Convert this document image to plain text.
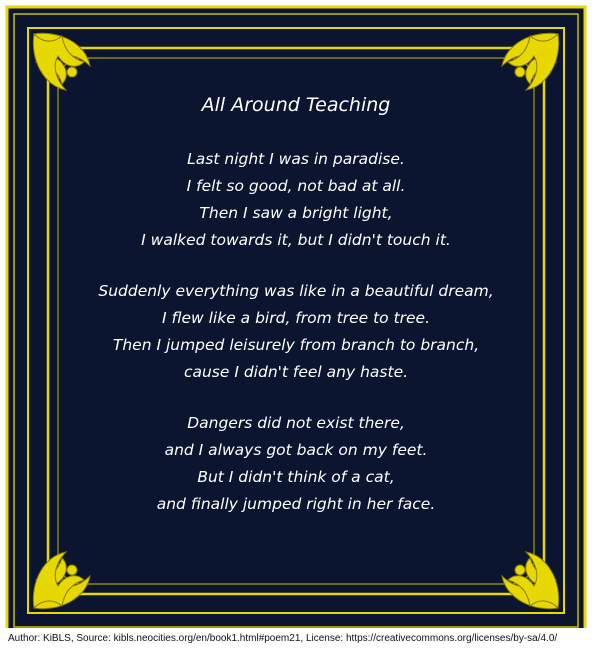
All Around Teaching
Last night I was in paradise.
I felt so good, not bad at all.
Then I saw a bright light,
I walked towards it, but I didn't touch it.
Suddenly everything was like in a beautiful dream,
I flew like a bird, from tree to tree.
Then I jumped leisurely from branch to branch,
cause I didn't feel any haste.
Dangers did not exist there,
and I always got back on my feet.
But I didn't think of a cat,
and finally jumped right in her face.
Author: KiBLS, Source: kibls.neocities.org/en/book1.html#poem21, License: https://creativecommons.org/licenses/by-sa/4.0/
